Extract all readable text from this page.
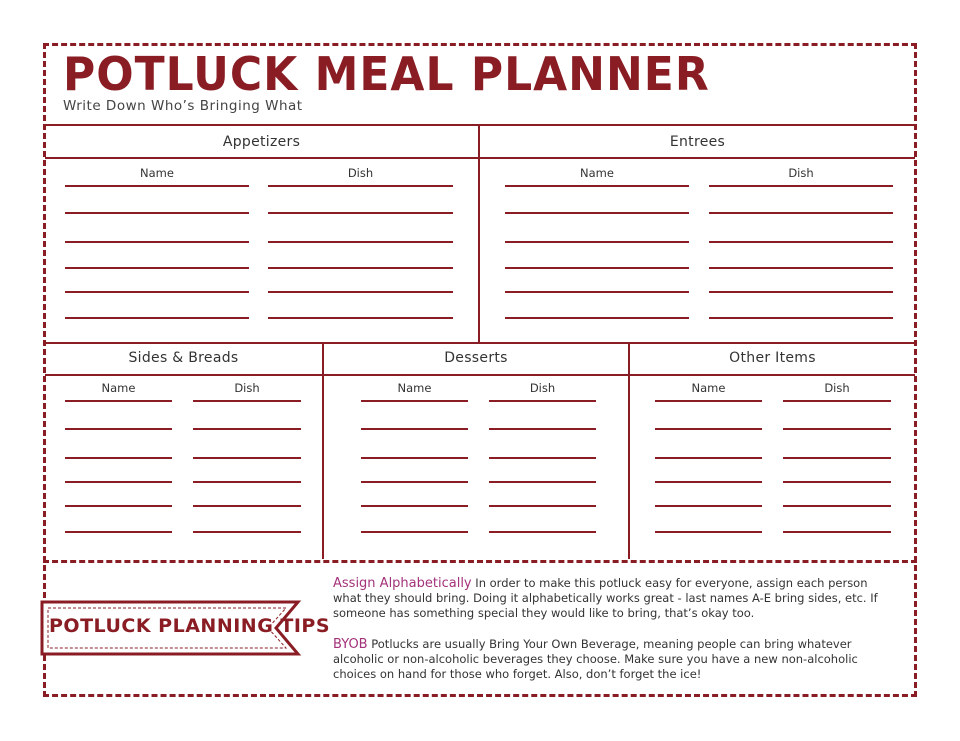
POTLUCK MEAL PLANNER

Write Down Who’s Bringing What

Appetizers
Name	Dish
Entrees
Name	Dish
Sides & Breads
Name	Dish
Desserts
Name	Dish
Other Items
Name	Dish
POTLUCK PLANNING TIPS
Assign Alphabetically In order to make this potluck easy for everyone, assign each person what they should bring. Doing it alphabetically works great - last names A-E bring sides, etc. If someone has something special they would like to bring, that’s okay too.
BYOB Potlucks are usually Bring Your Own Beverage, meaning people can bring whatever alcoholic or non-alcoholic beverages they choose. Make sure you have a new non-alcoholic choices on hand for those who forget. Also, don’t forget the ice!
